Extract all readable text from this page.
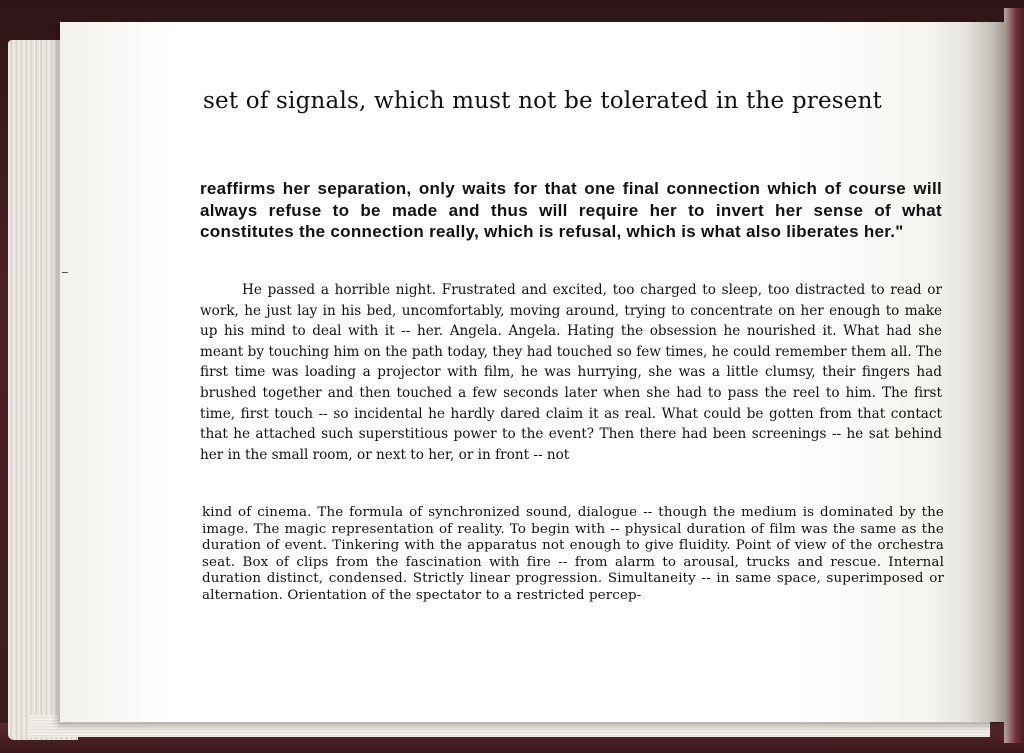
set of signals, which must not be tolerated in the present

reaffirms her separation, only waits for that one final connection which of course will always refuse to be made and thus will require her to invert her sense of what constitutes the connection really, which is refusal, which is what also liberates her."

He passed a horrible night. Frustrated and excited, too charged to sleep, too distracted to read or work, he just lay in his bed, uncomfortably, moving around, trying to concentrate on her enough to make up his mind to deal with it -- her. Angela. Angela. Hating the obsession he nourished it. What had she meant by touching him on the path today, they had touched so few times, he could remember them all. The first time was loading a projector with film, he was hurrying, she was a little clumsy, their fingers had brushed together and then touched a few seconds later when she had to pass the reel to him. The first time, first touch -- so incidental he hardly dared claim it as real. What could be gotten from that contact that he attached such superstitious power to the event? Then there had been screenings -- he sat behind her in the small room, or next to her, or in front -- not

kind of cinema. The formula of synchronized sound, dialogue -- though the medium is dominated by the image. The magic representation of reality. To begin with -- physical duration of film was the same as the duration of event. Tinkering with the apparatus not enough to give fluidity. Point of view of the orchestra seat. Box of clips from the fascination with fire -- from alarm to arousal, trucks and rescue. Internal duration distinct, condensed. Strictly linear progression. Simultaneity -- in same space, superimposed or alternation. Orientation of the spectator to a restricted percep-
